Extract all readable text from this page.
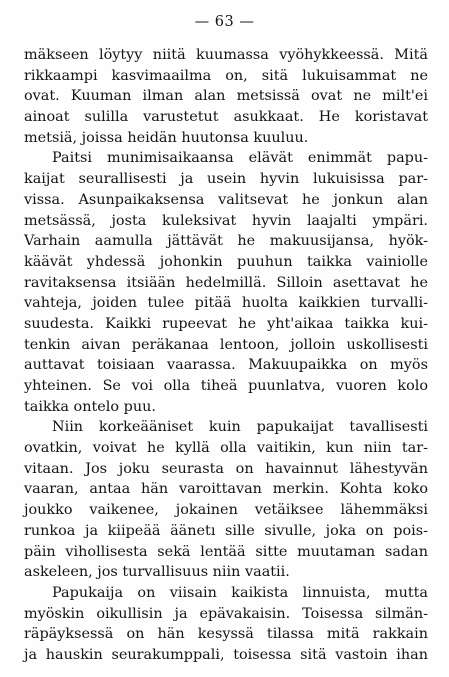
— 63 —
mäkseen löytyy niitä kuumassa vyöhykkeessä. Mitä
rikkaampi kasvimaailma on, sitä lukuisammat ne
ovat. Kuuman ilman alan metsissä ovat ne milt'ei
ainoat sulilla varustetut asukkaat. He koristavat
metsiä, joissa heidän huutonsa kuuluu.
Paitsi munimisaikaansa elävät enimmät papu-
kaijat seurallisesti ja usein hyvin lukuisissa par-
vissa. Asunpaikaksensa valitsevat he jonkun alan
metsässä, josta kuleksivat hyvin laajalti ympäri.
Varhain aamulla jättävät he makuusijansa, hyök-
käävät yhdessä johonkin puuhun taikka vainiolle
ravitaksensa itsiään hedelmillä. Silloin asettavat he
vahteja, joiden tulee pitää huolta kaikkien turvalli-
suudesta. Kaikki rupeevat he yht'aikaa taikka kui-
tenkin aivan peräkanaa lentoon, jolloin uskollisesti
auttavat toisiaan vaarassa. Makuupaikka on myös
yhteinen. Se voi olla tiheä puunlatva, vuoren kolo
taikka ontelo puu.
Niin korkeääniset kuin papukaijat tavallisesti
ovatkin, voivat he kyllä olla vaitikin, kun niin tar-
vitaan. Jos joku seurasta on havainnut lähestyvän
vaaran, antaa hän varoittavan merkin. Kohta koko
joukko vaikenee, jokainen vetäiksee lähemmäksi
runkoa ja kiipeää äänetı sille sivulle, joka on pois-
päin vihollisesta sekä lentää sitte muutaman sadan
askeleen, jos turvallisuus niin vaatii.
Papukaija on viisain kaikista linnuista, mutta
myöskin oikullisin ja epävakaisin. Toisessa silmän-
räpäyksessä on hän kesyssä tilassa mitä rakkain
ja hauskin seurakumppali, toisessa sitä vastoin ihan
